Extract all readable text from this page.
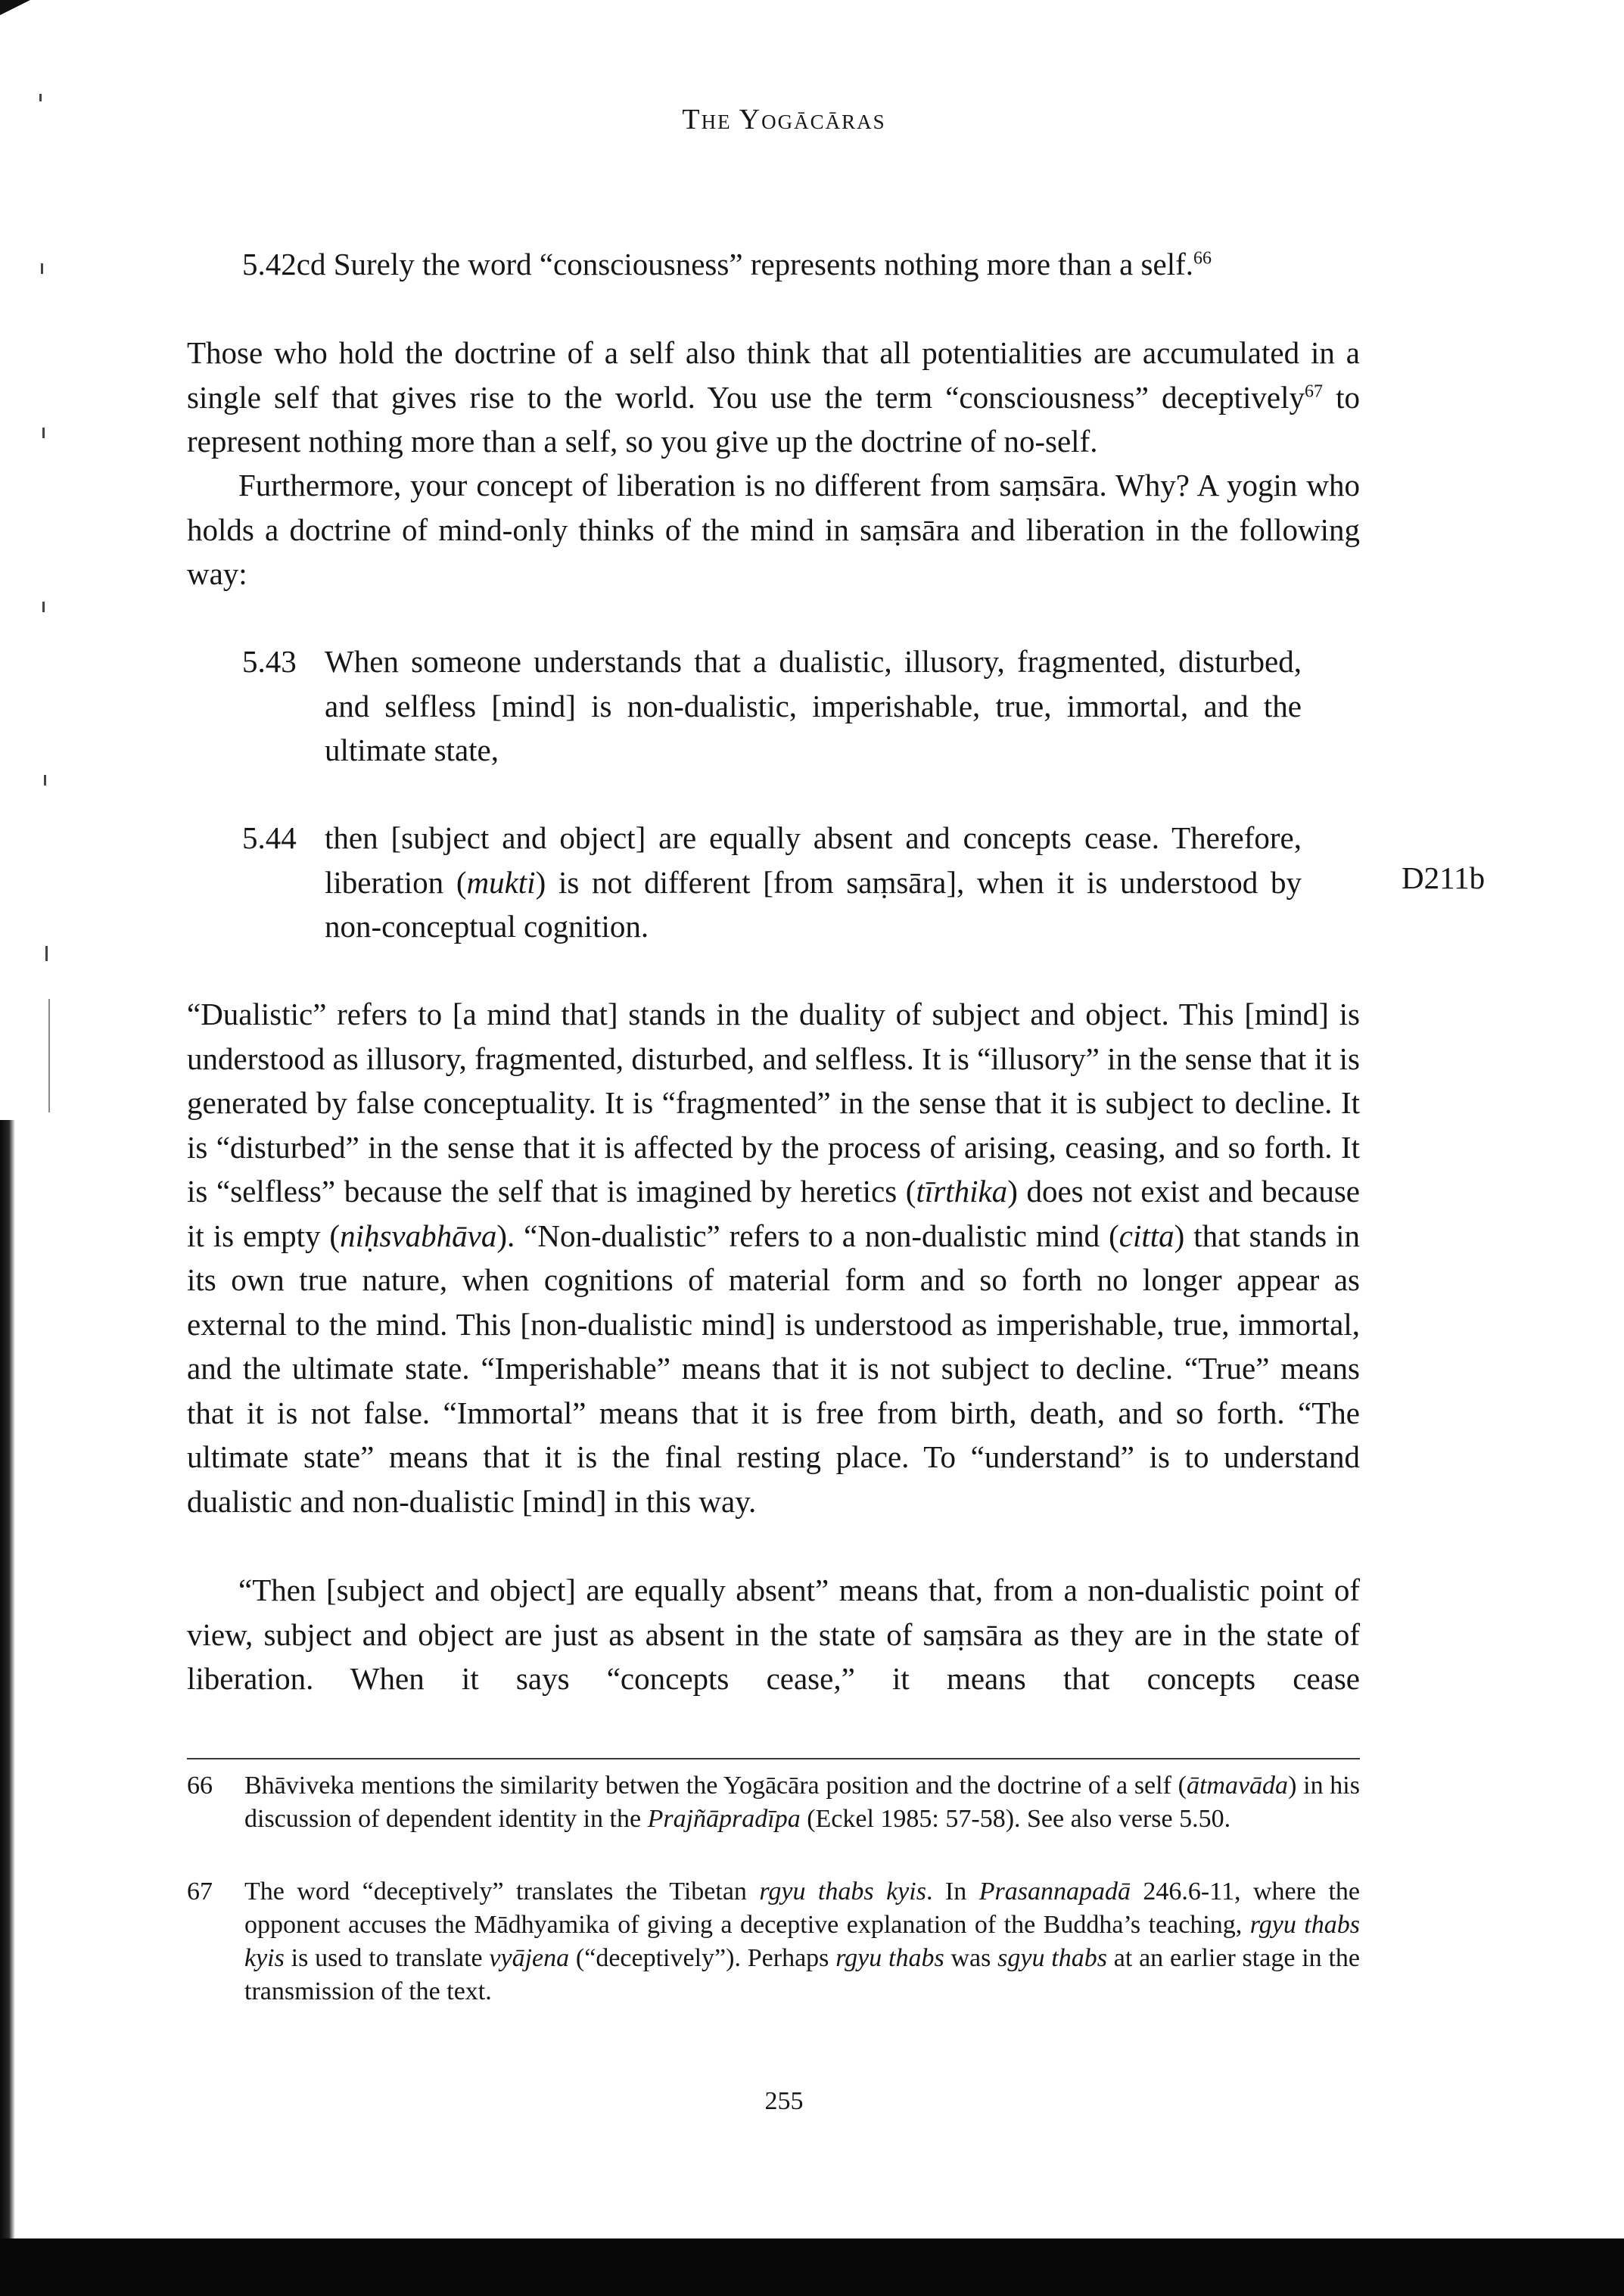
The Yogācāras
5.42cd Surely the word “consciousness” represents nothing more than a self.$^{66}$
Those who hold the doctrine of a self also think that all potentialities are accumulated in a single self that gives rise to the world. You use the term “consciousness” deceptively$^{67}$ to represent nothing more than a self, so you give up the doctrine of no-self.
Furthermore, your concept of liberation is no different from saṃsāra. Why? A yogin who holds a doctrine of mind-only thinks of the mind in saṃsāra and liberation in the following way:
5.43 When someone understands that a dualistic, illusory, fragmented, disturbed, and selfless [mind] is non-dualistic, imperishable, true, immortal, and the ultimate state,
5.44 then [subject and object] are equally absent and concepts cease. Therefore, liberation (mukti) is not different [from saṃsāra], when it is understood by non-conceptual cognition.
D211b
“Dualistic” refers to [a mind that] stands in the duality of subject and object. This [mind] is understood as illusory, fragmented, disturbed, and selfless. It is “illusory” in the sense that it is generated by false conceptuality. It is “fragmented” in the sense that it is subject to decline. It is “disturbed” in the sense that it is affected by the process of arising, ceasing, and so forth. It is “selfless” because the self that is imagined by heretics (tīrthika) does not exist and because it is empty (niḥsvabhāva). “Non-dualistic” refers to a non-dualistic mind (citta) that stands in its own true nature, when cognitions of material form and so forth no longer appear as external to the mind. This [non-dualistic mind] is understood as imperishable, true, immortal, and the ultimate state. “Imperishable” means that it is not subject to decline. “True” means that it is not false. “Immortal” means that it is free from birth, death, and so forth. “The ultimate state” means that it is the final resting place. To “understand” is to understand dualistic and non-dualistic [mind] in this way.
“Then [subject and object] are equally absent” means that, from a non-dualistic point of view, subject and object are just as absent in the state of saṃsāra as they are in the state of liberation. When it says “concepts cease,” it means that concepts cease
66 Bhāviveka mentions the similarity betwen the Yogācāra position and the doctrine of a self (ātmavāda) in his discussion of dependent identity in the Prajñāpradīpa (Eckel 1985: 57-58). See also verse 5.50.
67 The word “deceptively” translates the Tibetan rgyu thabs kyis. In Prasannapadā 246.6-11, where the opponent accuses the Mādhyamika of giving a deceptive explanation of the Buddha’s teaching, rgyu thabs kyis is used to translate vyājena (“deceptively”). Perhaps rgyu thabs was sgyu thabs at an earlier stage in the transmission of the text.
255
